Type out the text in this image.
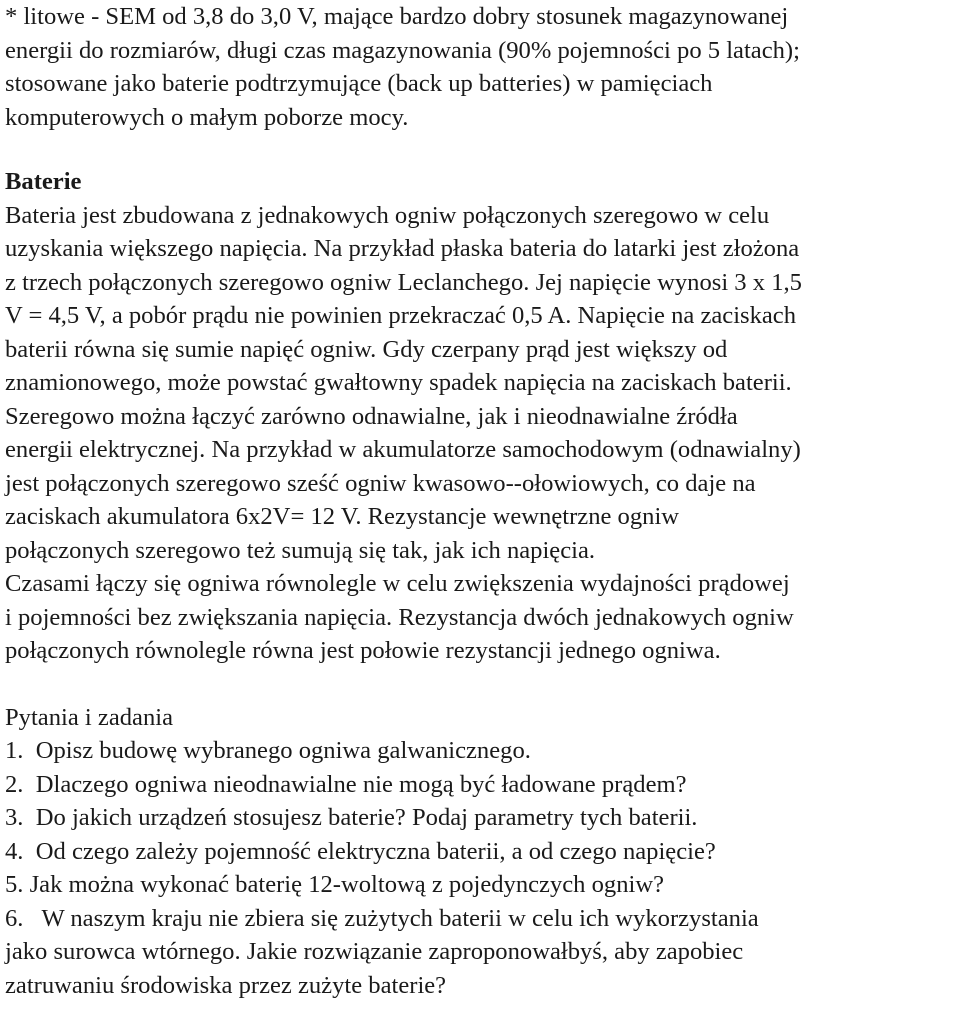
* litowe - SEM od 3,8 do 3,0 V, mające bardzo dobry stosunek magazynowanej
energii do rozmiarów, długi czas magazynowania (90% pojemności po 5 latach);
stosowane jako baterie podtrzymujące (back up batteries) w pamięciach
komputerowych o małym poborze mocy.

Baterie

Bateria jest zbudowana z jednakowych ogniw połączonych szeregowo w celu
uzyskania większego napięcia. Na przykład płaska bateria do latarki jest złożona
z trzech połączonych szeregowo ogniw Leclanchego. Jej napięcie wynosi 3 x 1,5
V = 4,5 V, a pobór prądu nie powinien przekraczać 0,5 A. Napięcie na zaciskach
baterii równa się sumie napięć ogniw. Gdy czerpany prąd jest większy od
znamionowego, może powstać gwałtowny spadek napięcia na zaciskach baterii.
Szeregowo można łączyć zarówno odnawialne, jak i nieodnawialne źródła
energii elektrycznej. Na przykład w akumulatorze samochodowym (odnawialny)
jest połączonych szeregowo sześć ogniw kwasowo--ołowiowych, co daje na
zaciskach akumulatora 6x2V= 12 V. Rezystancje wewnętrzne ogniw
połączonych szeregowo też sumują się tak, jak ich napięcia.
Czasami łączy się ogniwa równolegle w celu zwiększenia wydajności prądowej
i pojemności bez zwiększania napięcia. Rezystancja dwóch jednakowych ogniw
połączonych równolegle równa jest połowie rezystancji jednego ogniwa.

Pytania i zadania
1.  Opisz budowę wybranego ogniwa galwanicznego.
2.  Dlaczego ogniwa nieodnawialne nie mogą być ładowane prądem?
3.  Do jakich urządzeń stosujesz baterie? Podaj parametry tych baterii.
4.  Od czego zależy pojemność elektryczna baterii, a od czego napięcie?
5. Jak można wykonać baterię 12-woltową z pojedynczych ogniw?
6.   W naszym kraju nie zbiera się zużytych baterii w celu ich wykorzystania
jako surowca wtórnego. Jakie rozwiązanie zaproponowałbyś, aby zapobiec
zatruwaniu środowiska przez zużyte baterie?
